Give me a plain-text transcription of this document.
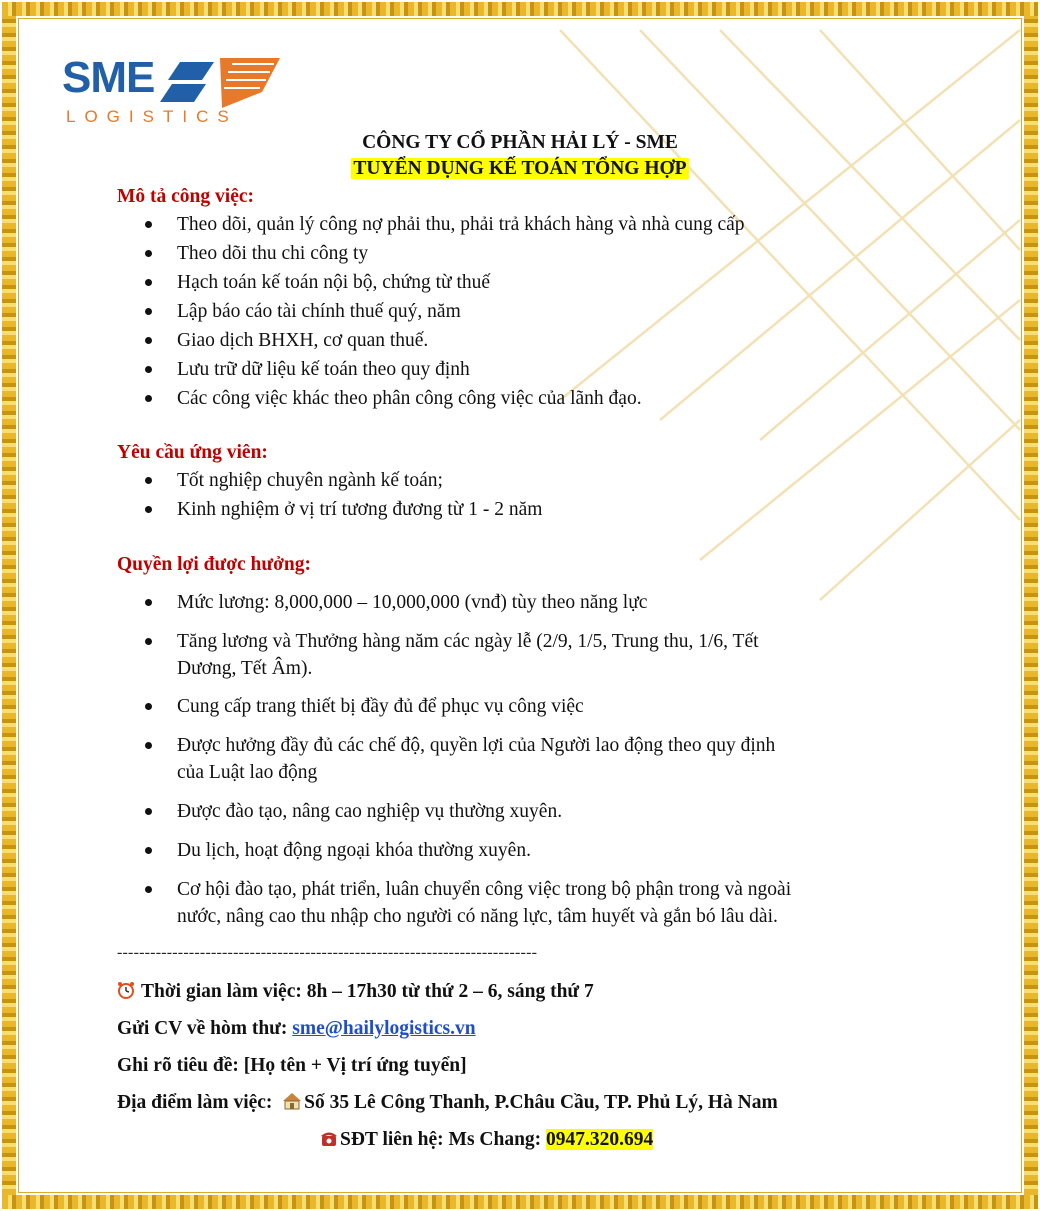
SME
LOGISTICS
CÔNG TY CỔ PHẦN HẢI LÝ - SME
TUYỂN DỤNG KẾ TOÁN TỔNG HỢP
Mô tả công việc:
Theo dõi, quản lý công nợ phải thu, phải trả khách hàng và nhà cung cấp
Theo dõi thu chi công ty
Hạch toán kế toán nội bộ, chứng từ thuế
Lập báo cáo tài chính thuế quý, năm
Giao dịch BHXH, cơ quan thuế.
Lưu trữ dữ liệu kế toán theo quy định
Các công việc khác theo phân công công việc của lãnh đạo.
Yêu cầu ứng viên:
Tốt nghiệp chuyên ngành kế toán;
Kinh nghiệm ở vị trí tương đương từ 1 - 2 năm
Quyền lợi được hưởng:
Mức lương: 8,000,000 – 10,000,000 (vnđ) tùy theo năng lực
Tăng lương và Thưởng hàng năm các ngày lễ (2/9, 1/5, Trung thu, 1/6, Tết
Dương, Tết Âm).
Cung cấp trang thiết bị đầy đủ để phục vụ công việc
Được hưởng đầy đủ các chế độ, quyền lợi của Người lao động theo quy định
của Luật lao động
Được đào tạo, nâng cao nghiệp vụ thường xuyên.
Du lịch, hoạt động ngoại khóa thường xuyên.
Cơ hội đào tạo, phát triển, luân chuyển công việc trong bộ phận trong và ngoài
nước, nâng cao thu nhập cho người có năng lực, tâm huyết và gắn bó lâu dài.
----------------------------------------------------------------------------
Thời gian làm việc: 8h – 17h30 từ thứ 2 – 6, sáng thứ 7
Gửi CV về hòm thư: sme@hailylogistics.vn
Ghi rõ tiêu đề: [Họ tên + Vị trí ứng tuyển]
Địa điểm làm việc:  Số 35 Lê Công Thanh, P.Châu Cầu, TP. Phủ Lý, Hà Nam
SĐT liên hệ: Ms Chang: 0947.320.694
